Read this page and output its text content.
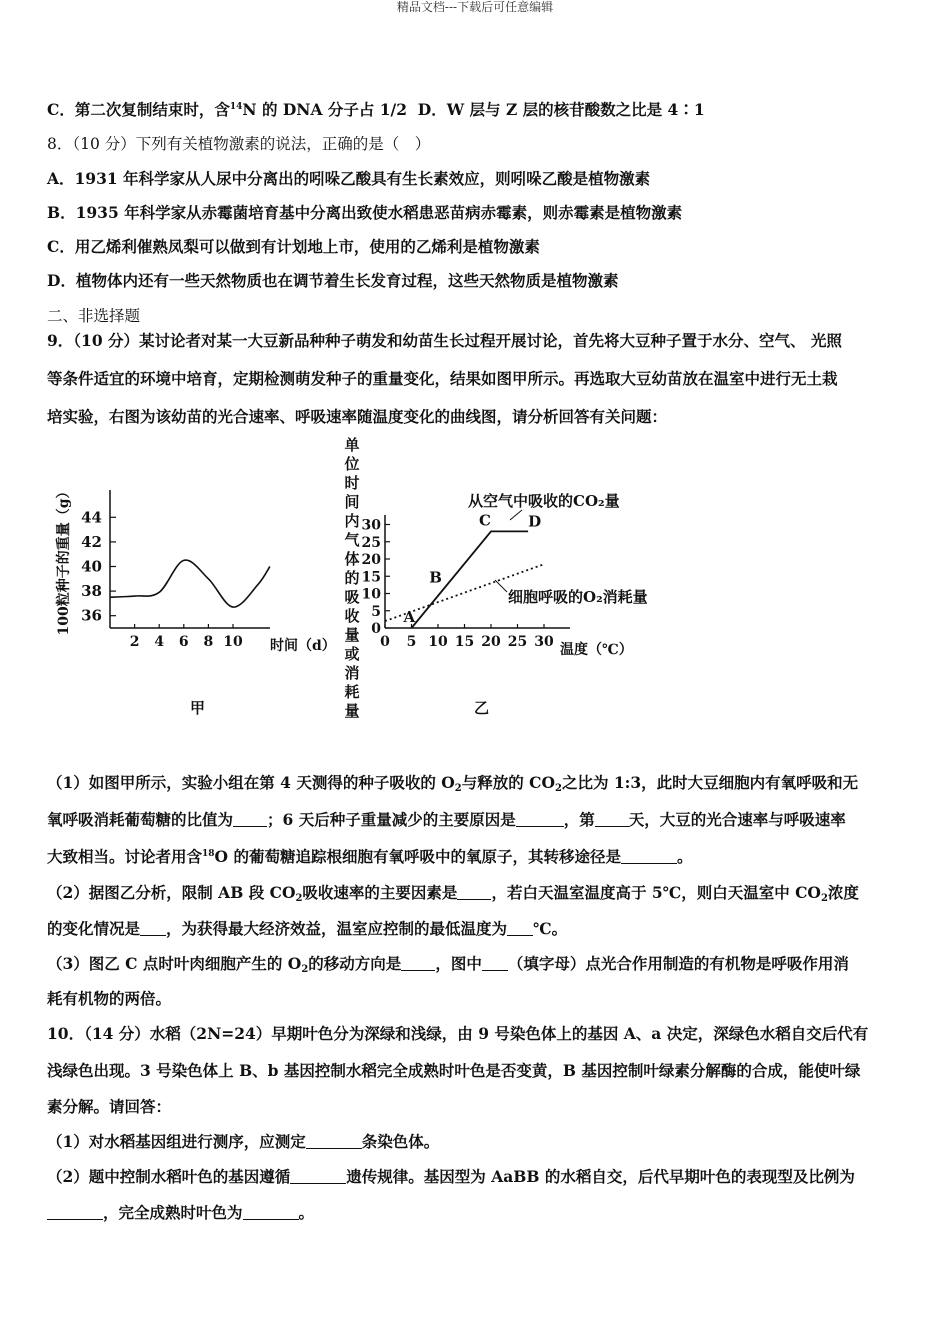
精品文档---下载后可任意编辑
C．第二次复制结束时，含$^{14}$N 的 DNA 分子占 1/2 D．W 层与 Z 层的核苷酸数之比是 4∶1
8．（10 分）下列有关植物激素的说法，正确的是（　）
A．1931 年科学家从人尿中分离出的吲哚乙酸具有生长素效应，则吲哚乙酸是植物激素
B．1935 年科学家从赤霉菌培育基中分离出致使水稻患恶苗病赤霉素，则赤霉素是植物激素
C．用乙烯利催熟凤梨可以做到有计划地上市，使用的乙烯利是植物激素
D．植物体内还有一些天然物质也在调节着生长发育过程，这些天然物质是植物激素
二、非选择题
9．（10 分）某讨论者对某一大豆新品种种子萌发和幼苗生长过程开展讨论，首先将大豆种子置于水分、空气、 光照
等条件适宜的环境中培育，定期检测萌发种子的重量变化，结果如图甲所示。再选取大豆幼苗放在温室中进行无土栽
培实验，右图为该幼苗的光合速率、呼吸速率随温度变化的曲线图，请分析回答有关问题：
100粒种子的重量（g）
时间（d）
2 4 6 8 10
36
38
40
42
44
温度（℃）
从空气中吸收的CO₂量
细胞呼吸的O₂消耗量
0 5 10 15 20 25 30
0
5
10
15
20
25
30
A
C D
B
单
位
时
间
内
气
体
的
吸
收
量
或
消
耗
量
甲	乙
（1）如图甲所示，实验小组在第 4 天测得的种子吸收的 $O_2$与释放的 $CO_2$之比为 1:3，此时大豆细胞内有氧呼吸和无
氧呼吸消耗葡萄糖的比值为 ；6 天后种子重量减少的主要原因是	，第 天，大豆的光合速率与呼吸速率
大致相当。讨论者用含$^{18}$O 的葡萄糖追踪根细胞有氧呼吸中的氧原子，其转移途径是	。
（2）据图乙分析，限制 AB 段 $CO_2$吸收速率的主要因素是 ，若白天温室温度高于 5℃，则白天温室中 $CO_2$浓度
的变化情况是 ，为获得最大经济效益，温室应控制的最低温度为 ℃。
（3）图乙 C 点时叶肉细胞产生的 $O_2$的移动方向是 ，图中 （填字母）点光合作用制造的有机物是呼吸作用消
耗有机物的两倍。
10．（14 分）水稻（2N=24）早期叶色分为深绿和浅绿，由 9 号染色体上的基因 A、a 决定，深绿色水稻自交后代有
浅绿色出现。3 号染色体上 B、b 基因控制水稻完全成熟时叶色是否变黄，B 基因控制叶绿素分解酶的合成，能使叶绿
素分解。请回答：
（1）对水稻基因组进行测序，应测定	条染色体。
（2）题中控制水稻叶色的基因遵循	遗传规律。基因型为 AaBB 的水稻自交，后代早期叶色的表现型及比例为
，完全成熟时叶色为	。
